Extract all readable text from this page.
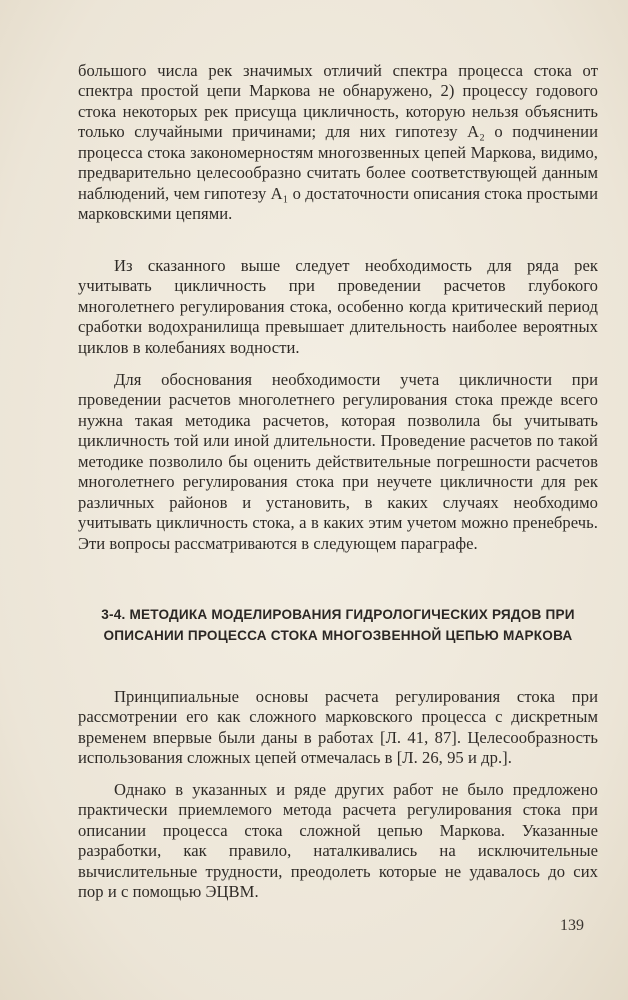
большого числа рек значимых отличий спектра процесса стока от спектра простой цепи Маркова не обнаружено, 2) процессу годового стока некоторых рек присуща цикличность, которую нельзя объяснить только случайными причинами; для них гипотезу A₂ о подчинении процесса стока закономерностям многозвенных цепей Маркова, видимо, предварительно целесообразно считать более соответствующей данным наблюдений, чем гипотезу A₁ о достаточности описания стока простыми марковскими цепями.

Из сказанного выше следует необходимость для ряда рек учитывать цикличность при проведении расчетов глубокого многолетнего регулирования стока, особенно когда критический период сработки водохранилища превышает длительность наиболее вероятных циклов в колебаниях водности.

Для обоснования необходимости учета цикличности при проведении расчетов многолетнего регулирования стока прежде всего нужна такая методика расчетов, которая позволила бы учитывать цикличность той или иной длительности. Проведение расчетов по такой методике позволило бы оценить действительные погрешности расчетов многолетнего регулирования стока при неучете цикличности для рек различных районов и установить, в каких случаях необходимо учитывать цикличность стока, а в каких этим учетом можно пренебречь. Эти вопросы рассматриваются в следующем параграфе.

3-4. МЕТОДИКА МОДЕЛИРОВАНИЯ ГИДРОЛОГИЧЕСКИХ РЯДОВ ПРИ ОПИСАНИИ ПРОЦЕССА СТОКА МНОГОЗВЕННОЙ ЦЕПЬЮ МАРКОВА

Принципиальные основы расчета регулирования стока при рассмотрении его как сложного марковского процесса с дискретным временем впервые были даны в работах [Л. 41, 87]. Целесообразность использования сложных цепей отмечалась в [Л. 26, 95 и др.].

Однако в указанных и ряде других работ не было предложено практически приемлемого метода расчета регулирования стока при описании процесса стока сложной цепью Маркова. Указанные разработки, как правило, наталкивались на исключительные вычислительные трудности, преодолеть которые не удавалось до сих пор и с помощью ЭЦВМ.

139
